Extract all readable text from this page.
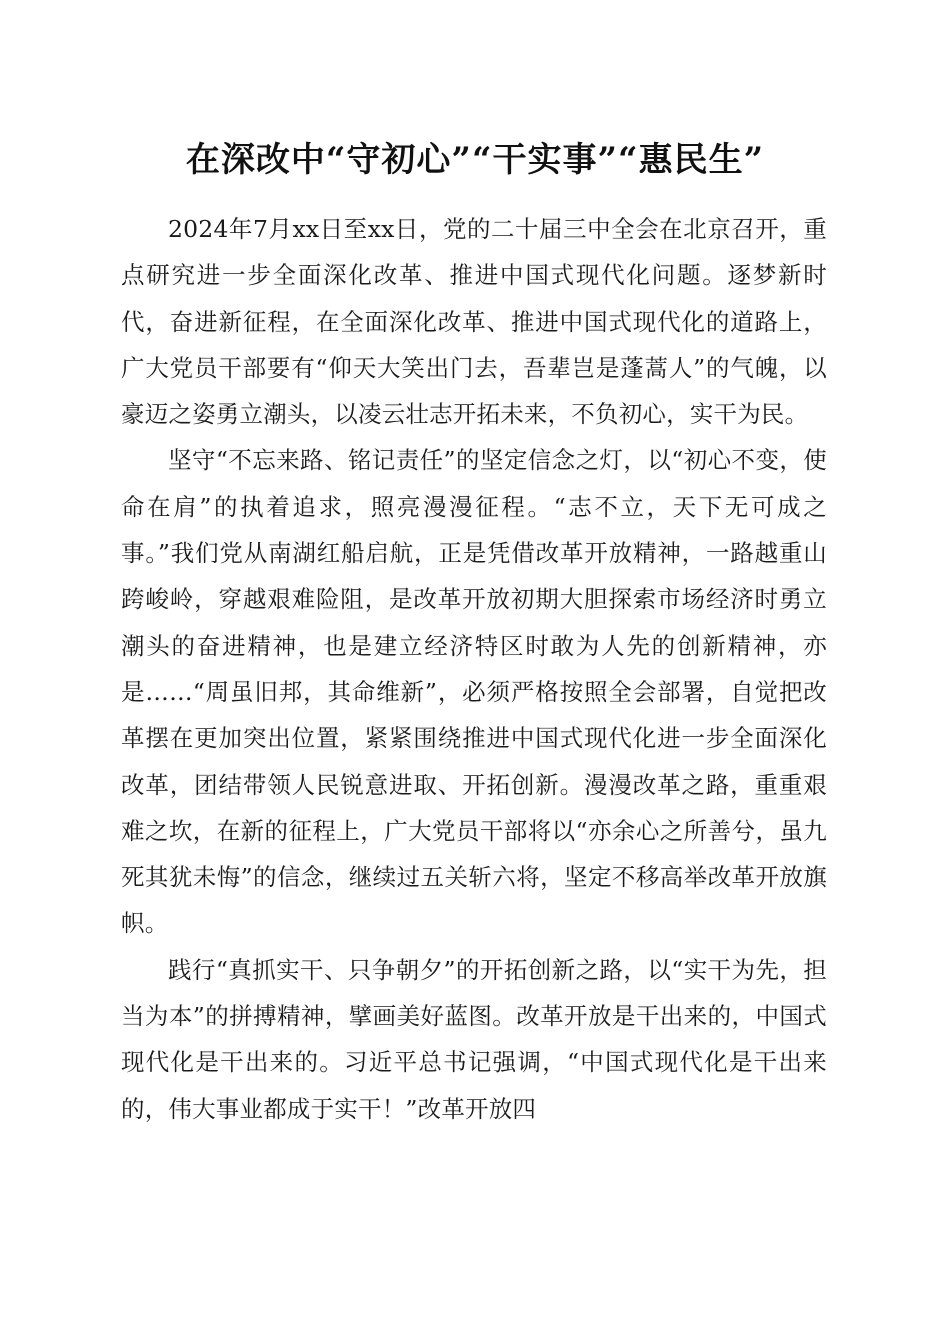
在深改中“守初心”“干实事”“惠民生”

2024年7月xx日至xx日，党的二十届三中全会在北京召开，重点研究进一步全面深化改革、推进中国式现代化问题。逐梦新时代，奋进新征程，在全面深化改革、推进中国式现代化的道路上，广大党员干部要有“仰天大笑出门去，吾辈岂是蓬蒿人”的气魄，以豪迈之姿勇立潮头，以凌云壮志开拓未来，不负初心，实干为民。

坚守“不忘来路、铭记责任”的坚定信念之灯，以“初心不变，使命在肩”的执着追求，照亮漫漫征程。“志不立，天下无可成之事。”我们党从南湖红船启航，正是凭借改革开放精神，一路越重山跨峻岭，穿越艰难险阻，是改革开放初期大胆探索市场经济时勇立潮头的奋进精神，也是建立经济特区时敢为人先的创新精神，亦是……“周虽旧邦，其命维新”，必须严格按照全会部署，自觉把改革摆在更加突出位置，紧紧围绕推进中国式现代化进一步全面深化改革，团结带领人民锐意进取、开拓创新。漫漫改革之路，重重艰难之坎，在新的征程上，广大党员干部将以“亦余心之所善兮，虽九死其犹未悔”的信念，继续过五关斩六将，坚定不移高举改革开放旗帜。

践行“真抓实干、只争朝夕”的开拓创新之路，以“实干为先，担当为本”的拼搏精神，擘画美好蓝图。改革开放是干出来的，中国式现代化是干出来的。习近平总书记强调，“中国式现代化是干出来的，伟大事业都成于实干！”改革开放四
